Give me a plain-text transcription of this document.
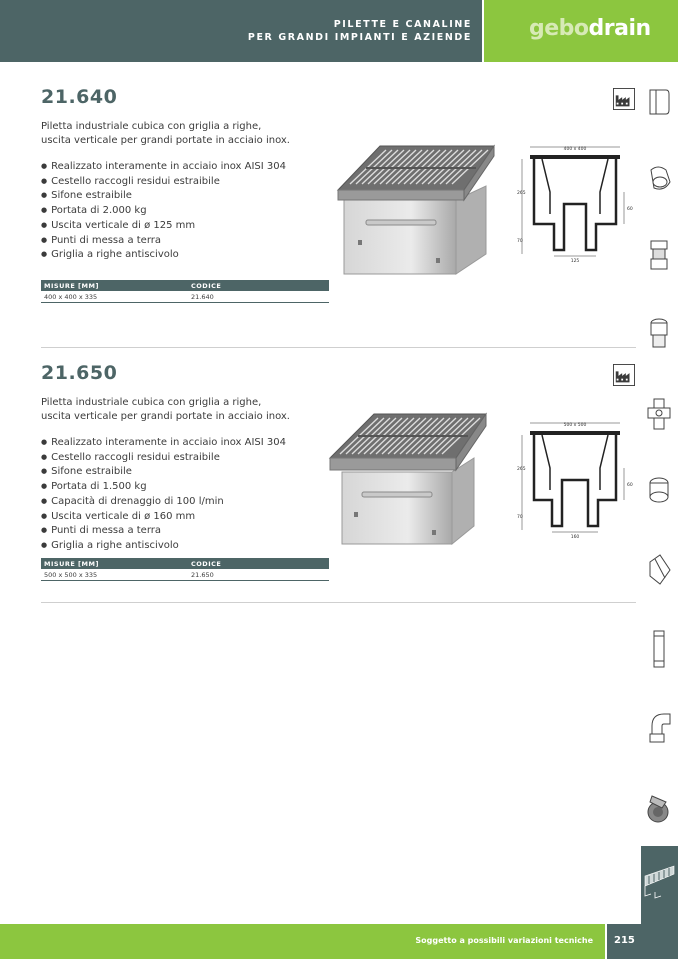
PILETTE E CANALINE
PER GRANDI IMPIANTI E AZIENDE	gebodrain
21.640
Piletta industriale cubica con griglia a righe,
uscita verticale per grandi portate in acciaio inox.
● Realizzato interamente in acciaio inox AISI 304
● Cestello raccogli residui estraibile
● Sifone estraibile
● Portata di 2.000 kg
● Uscita verticale di ø 125 mm
● Punti di messa a terra
● Griglia a righe antiscivolo
MISURE [MM]	CODICE
400 x 400 x 335	21.640
400 x 400
265
70
60
125
21.650
Piletta industriale cubica con griglia a righe,
uscita verticale per grandi portate in acciaio inox.
● Realizzato interamente in acciaio inox AISI 304
● Cestello raccogli residui estraibile
● Sifone estraibile
● Portata di 1.500 kg
● Capacità di drenaggio di 100 l/min
● Uscita verticale di ø 160 mm
● Punti di messa a terra
● Griglia a righe antiscivolo
MISURE [MM]	CODICE
500 x 500 x 335	21.650
500 x 500
265
70
60
160
Soggetto a possibili variazioni tecniche 215
